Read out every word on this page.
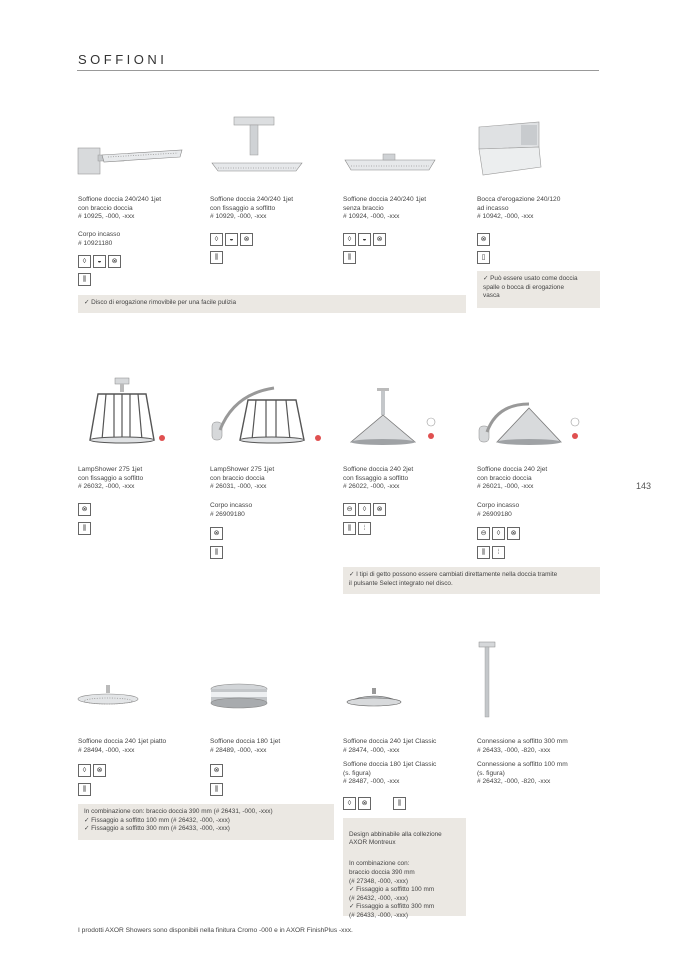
SOFFIONI
143
Soffione doccia 240/240 1jet
con braccio doccia
# 10925, -000, -xxx
Corpo incasso
# 10921180
Soffione doccia 240/240 1jet
con fissaggio a soffitto
# 10929, -000, -xxx
Soffione doccia 240/240 1jet
senza braccio
# 10924, -000, -xxx
Bocca d'erogazione 240/120
ad incasso
# 10942, -000, -xxx
◊	◒	⊗
⫼
◊	◒	⊗
⫼
◊	◒	⊗
⫼
⊗
▯
✓ Disco di erogazione rimovibile per una facile pulizia
✓ Può essere usato come doccia
spalle o bocca di erogazione
vasca
LampShower 275 1jet
con fissaggio a soffitto
# 26032, -000, -xxx
LampShower 275 1jet
con braccio doccia
# 26031, -000, -xxx
Corpo incasso
# 26909180
Soffione doccia 240 2jet
con fissaggio a soffitto
# 26022, -000, -xxx
Soffione doccia 240 2jet
con braccio doccia
# 26021, -000, -xxx
Corpo incasso
# 26909180
⊗
⫼
⊗
⫼
⊖	◊	⊗
⫼	⦙
⊖	◊	⊗
⫼	⦙
✓ I tipi di getto possono essere cambiati direttamente nella doccia tramite
il pulsante Select integrato nel disco.
Soffione doccia 240 1jet piatto
# 28494, -000, -xxx
Soffione doccia 180 1jet
# 28489, -000, -xxx
Soffione doccia 240 1jet Classic
# 28474, -000, -xxx
Soffione doccia 180 1jet Classic
(s. figura)
# 28487, -000, -xxx
Connessione a soffitto 300 mm
# 26433, -000, -820, -xxx
Connessione a soffitto 100 mm
(s. figura)
# 26432, -000, -820, -xxx
◊	⊗
⫼
⊗
⫼
◊	⊗	⫼
In combinazione con: braccio doccia 390 mm (# 26431, -000, -xxx)
✓ Fissaggio a soffitto 100 mm (# 26432, -000, -xxx)
✓ Fissaggio a soffitto 300 mm (# 26433, -000, -xxx)

Design abbinabile alla collezione
AXOR Montreux

In combinazione con:
braccio doccia 390 mm
(# 27348, -000, -xxx)
✓ Fissaggio a soffitto 100 mm
(# 26432, -000, -xxx)
✓ Fissaggio a soffitto 300 mm
(# 26433, -000, -xxx)

I prodotti AXOR Showers sono disponibili nella finitura Cromo -000 e in AXOR FinishPlus -xxx.
